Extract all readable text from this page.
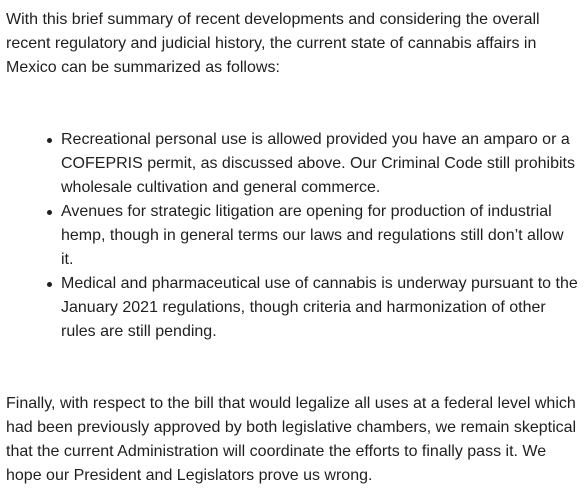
With this brief summary of recent developments and considering the overall recent regulatory and judicial history, the current state of cannabis affairs in Mexico can be summarized as follows:

Recreational personal use is allowed provided you have an amparo or a COFEPRIS permit, as discussed above. Our Criminal Code still prohibits wholesale cultivation and general commerce.
Avenues for strategic litigation are opening for production of industrial hemp, though in general terms our laws and regulations still don’t allow it.
Medical and pharmaceutical use of cannabis is underway pursuant to the January 2021 regulations, though criteria and harmonization of other rules are still pending.

Finally, with respect to the bill that would legalize all uses at a federal level which had been previously approved by both legislative chambers, we remain skeptical that the current Administration will coordinate the efforts to finally pass it. We hope our President and Legislators prove us wrong.
